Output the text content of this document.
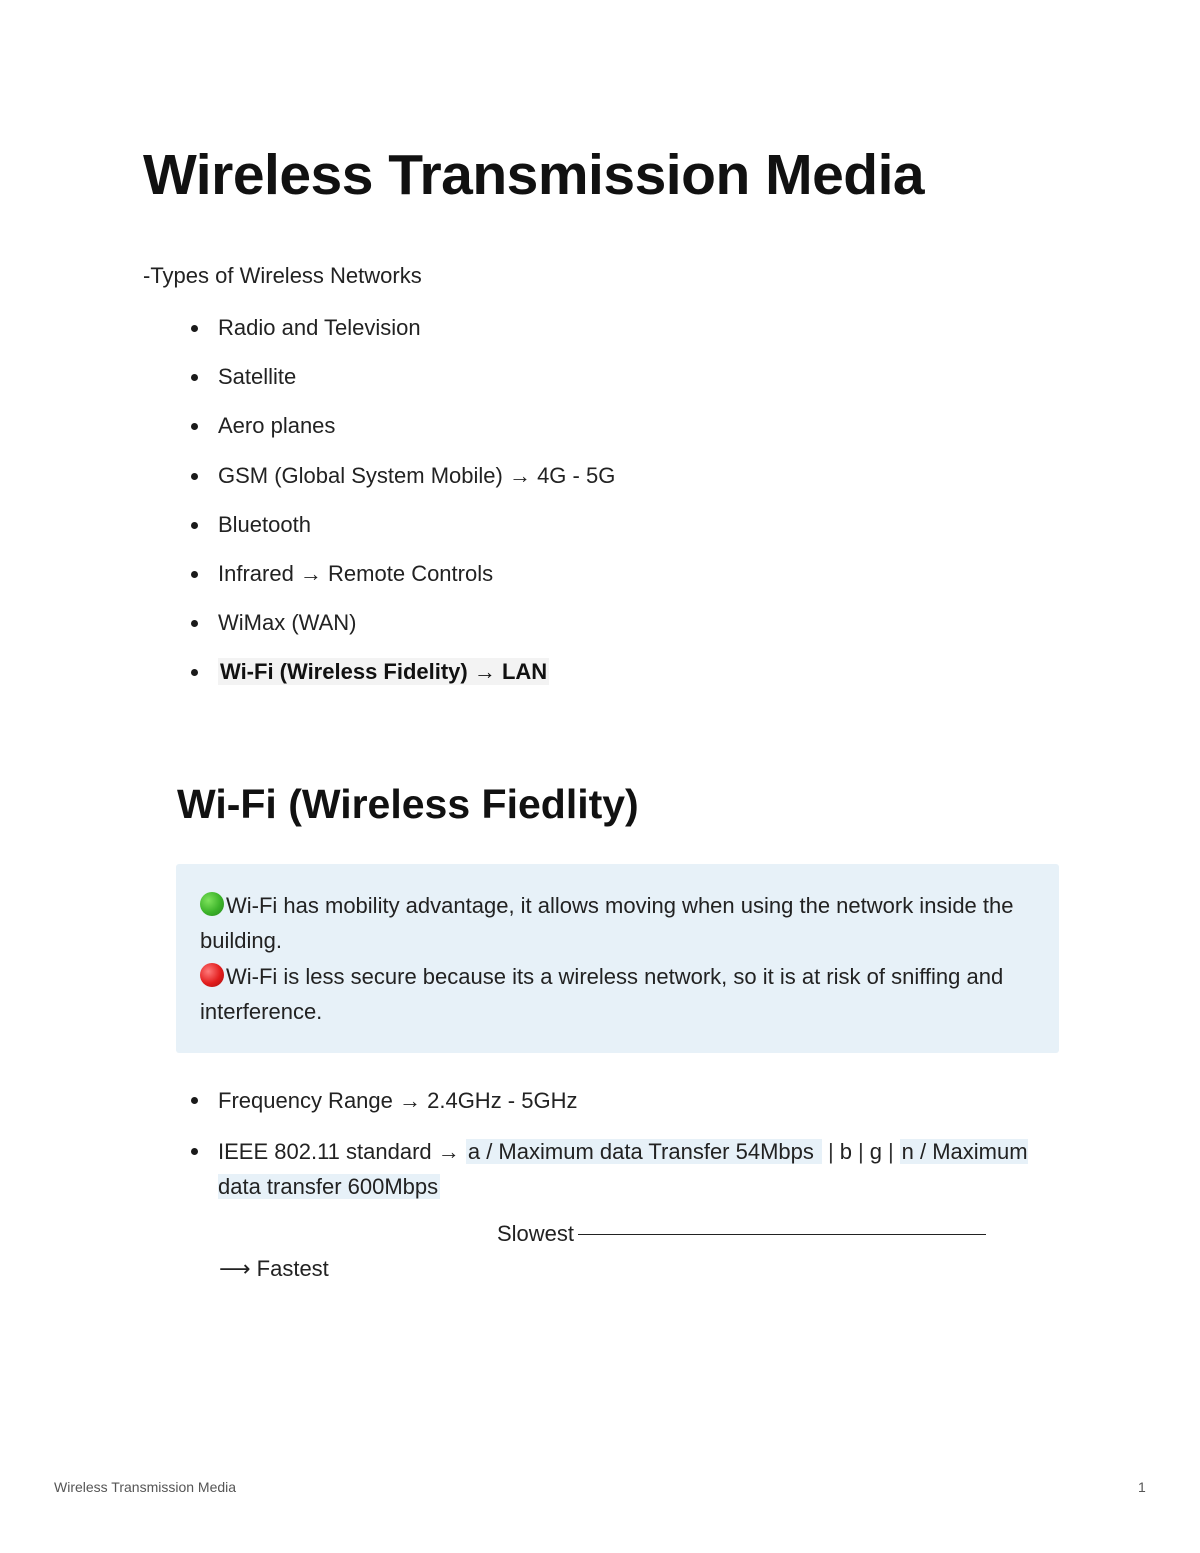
Wireless Transmission Media
-Types of Wireless Networks
Radio and Television
Satellite
Aero planes
GSM (Global System Mobile) → 4G - 5G
Bluetooth
Infrared → Remote Controls
WiMax (WAN)
Wi-Fi (Wireless Fidelity) → LAN
Wi-Fi (Wireless Fiedlity)

Wi-Fi has mobility advantage, it allows moving when using the network inside the building.

Wi-Fi is less secure because its a wireless network, so it is at risk of sniffing and interference.

Frequency Range → 2.4GHz - 5GHz
IEEE 802.11 standard → a / Maximum data Transfer 54Mbps | b | g | n / Maximum data transfer 600Mbps
Slowest
⟶ Fastest
Wireless Transmission Media	1
